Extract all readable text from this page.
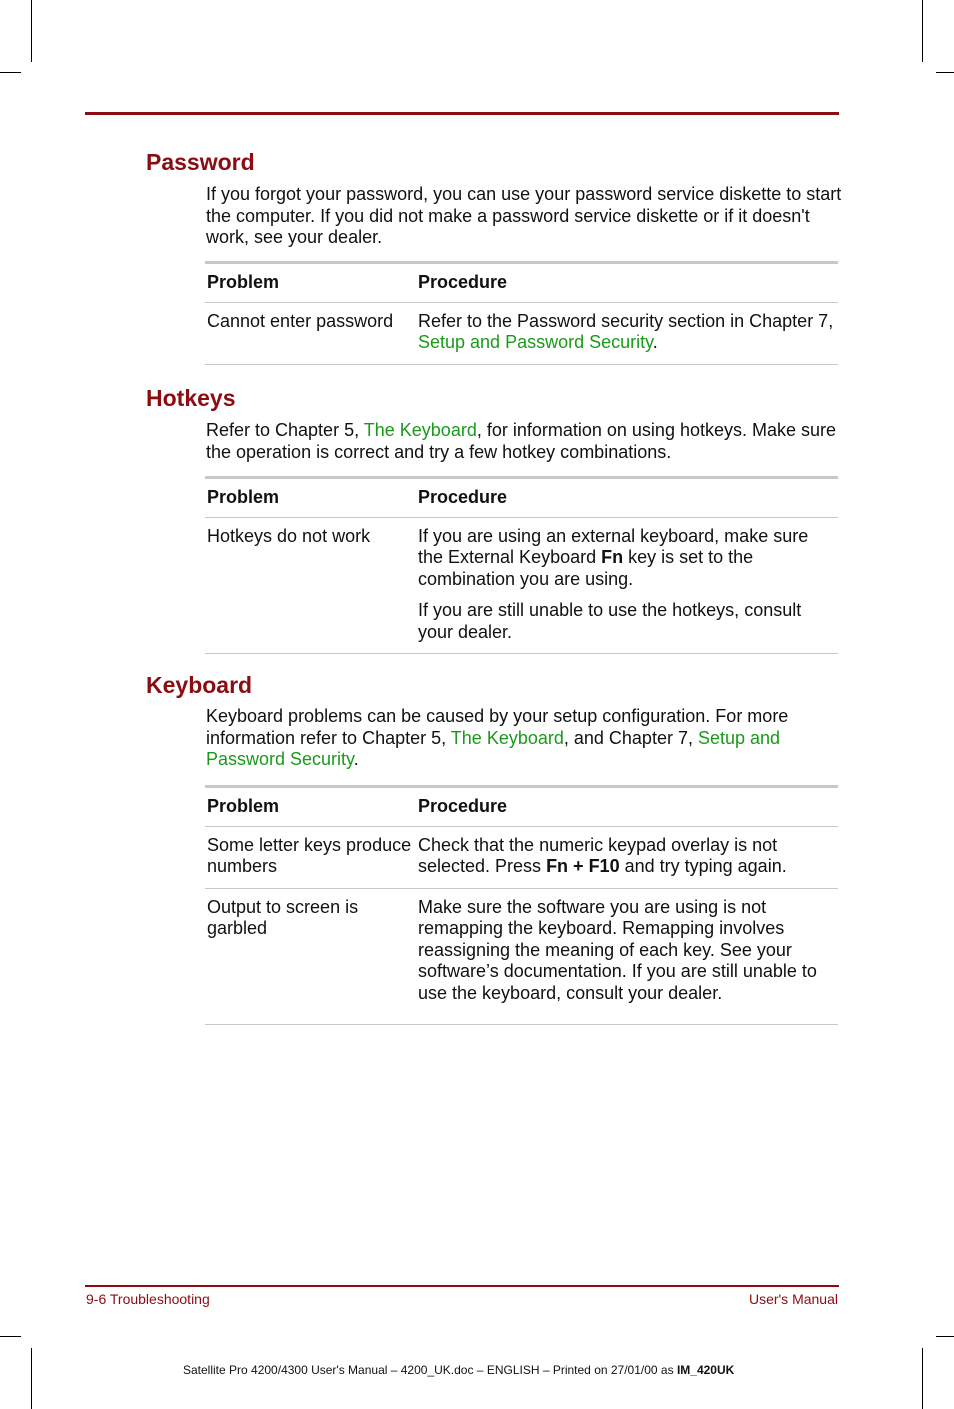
Password

If you forgot your password, you can use your password service diskette to start the computer. If you did not make a password service diskette or if it doesn't work, see your dealer.

Problem	Procedure
Cannot enter password	Refer to the Password security section in Chapter 7, Setup and Password Security.

Hotkeys

Refer to Chapter 5, The Keyboard, for information on using hotkeys. Make sure the operation is correct and try a few hotkey combinations.

Problem	Procedure
Hotkeys do not work	If you are using an external keyboard, make sure the External Keyboard Fn key is set to the combination you are using.

If you are still unable to use the hotkeys, consult your dealer.

Keyboard

Keyboard problems can be caused by your setup configuration. For more information refer to Chapter 5, The Keyboard, and Chapter 7, Setup and Password Security.

Problem	Procedure
Some letter keys produce numbers	Check that the numeric keypad overlay is not selected. Press Fn + F10 and try typing again.

Output to screen is garbled	Make sure the software you are using is not remapping the keyboard. Remapping involves reassigning the meaning of each key. See your software’s documentation. If you are still unable to use the keyboard, consult your dealer.

9-6 Troubleshooting	User's Manual
Satellite Pro 4200/4300 User's Manual – 4200_UK.doc – ENGLISH – Printed on 27/01/00 as IM_420UK
